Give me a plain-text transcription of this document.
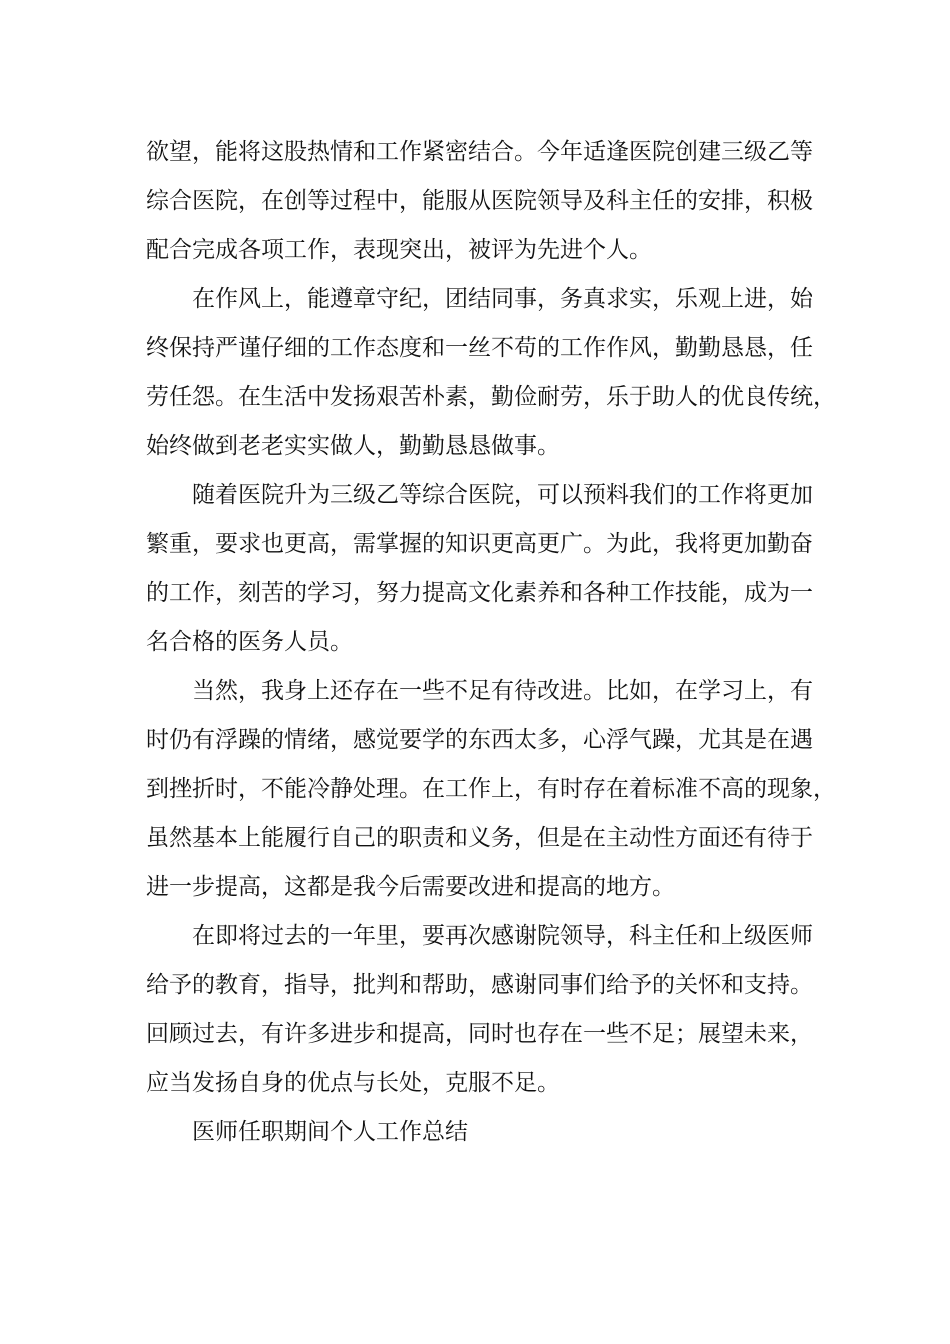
欲望，能将这股热情和工作紧密结合。今年适逢医院创建三级乙等
综合医院，在创等过程中，能服从医院领导及科主任的安排，积极
配合完成各项工作，表现突出，被评为先进个人。

在作风上，能遵章守纪，团结同事，务真求实，乐观上进，始
终保持严谨仔细的工作态度和一丝不苟的工作作风，勤勤恳恳，任
劳任怨。在生活中发扬艰苦朴素，勤俭耐劳，乐于助人的优良传统，
始终做到老老实实做人，勤勤恳恳做事。

随着医院升为三级乙等综合医院，可以预料我们的工作将更加
繁重，要求也更高，需掌握的知识更高更广。为此，我将更加勤奋
的工作，刻苦的学习，努力提高文化素养和各种工作技能，成为一
名合格的医务人员。

当然，我身上还存在一些不足有待改进。比如，在学习上，有
时仍有浮躁的情绪，感觉要学的东西太多，心浮气躁，尤其是在遇
到挫折时，不能冷静处理。在工作上，有时存在着标准不高的现象，
虽然基本上能履行自己的职责和义务，但是在主动性方面还有待于
进一步提高，这都是我今后需要改进和提高的地方。

在即将过去的一年里，要再次感谢院领导，科主任和上级医师
给予的教育，指导，批判和帮助，感谢同事们给予的关怀和支持。
回顾过去，有许多进步和提高，同时也存在一些不足；展望未来，
应当发扬自身的优点与长处，克服不足。

医师任职期间个人工作总结
